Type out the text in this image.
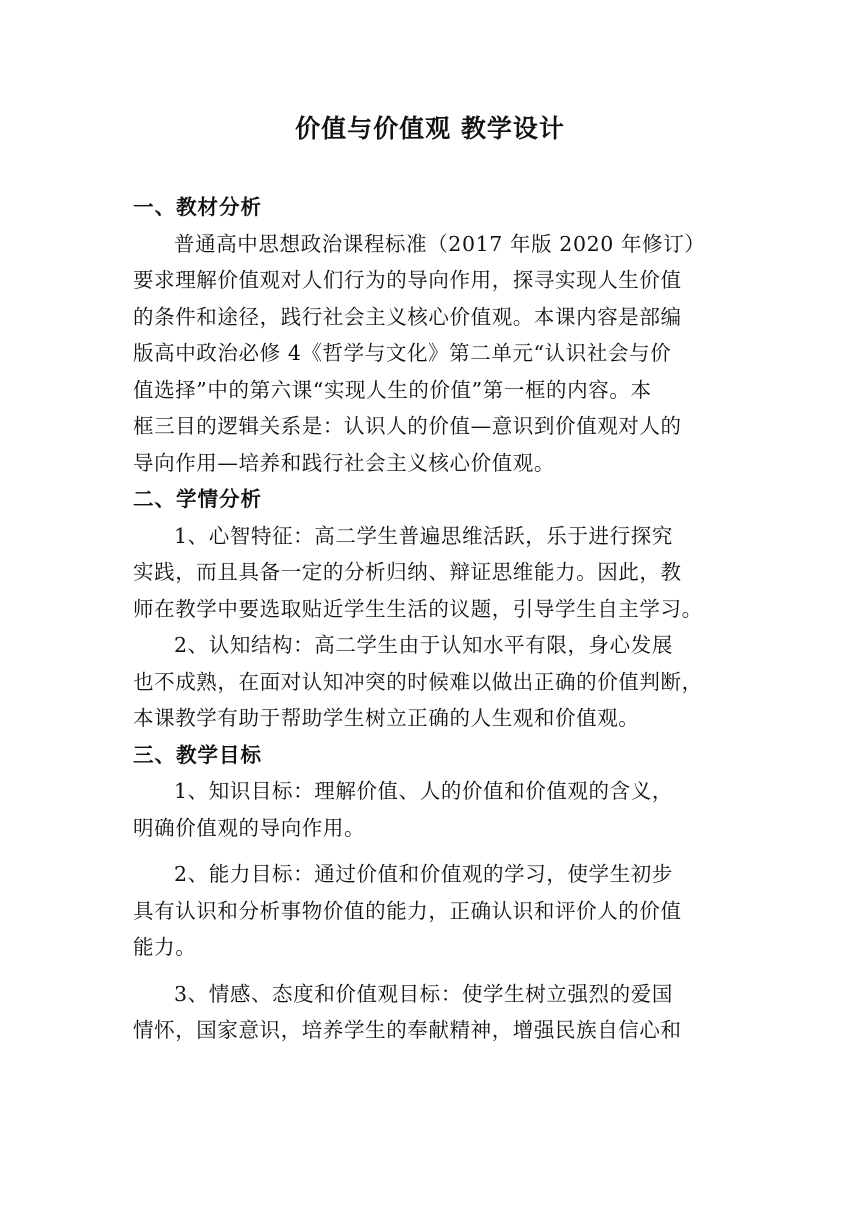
价值与价值观 教学设计
一、教材分析
普通高中思想政治课程标准（2017 年版 2020 年修订）
要求理解价值观对人们行为的导向作用，探寻实现人生价值
的条件和途径，践行社会主义核心价值观。本课内容是部编
版高中政治必修 4《哲学与文化》第二单元“认识社会与价
值选择”中的第六课“实现人生的价值”第一框的内容。本
框三目的逻辑关系是：认识人的价值—意识到价值观对人的
导向作用—培养和践行社会主义核心价值观。
二、学情分析
1、心智特征：高二学生普遍思维活跃，乐于进行探究
实践，而且具备一定的分析归纳、辩证思维能力。因此，教
师在教学中要选取贴近学生生活的议题，引导学生自主学习。
2、认知结构：高二学生由于认知水平有限，身心发展
也不成熟，在面对认知冲突的时候难以做出正确的价值判断，
本课教学有助于帮助学生树立正确的人生观和价值观。
三、教学目标
1、知识目标：理解价值、人的价值和价值观的含义，
明确价值观的导向作用。
2、能力目标：通过价值和价值观的学习，使学生初步
具有认识和分析事物价值的能力，正确认识和评价人的价值
能力。
3、情感、态度和价值观目标：使学生树立强烈的爱国
情怀，国家意识，培养学生的奉献精神，增强民族自信心和
